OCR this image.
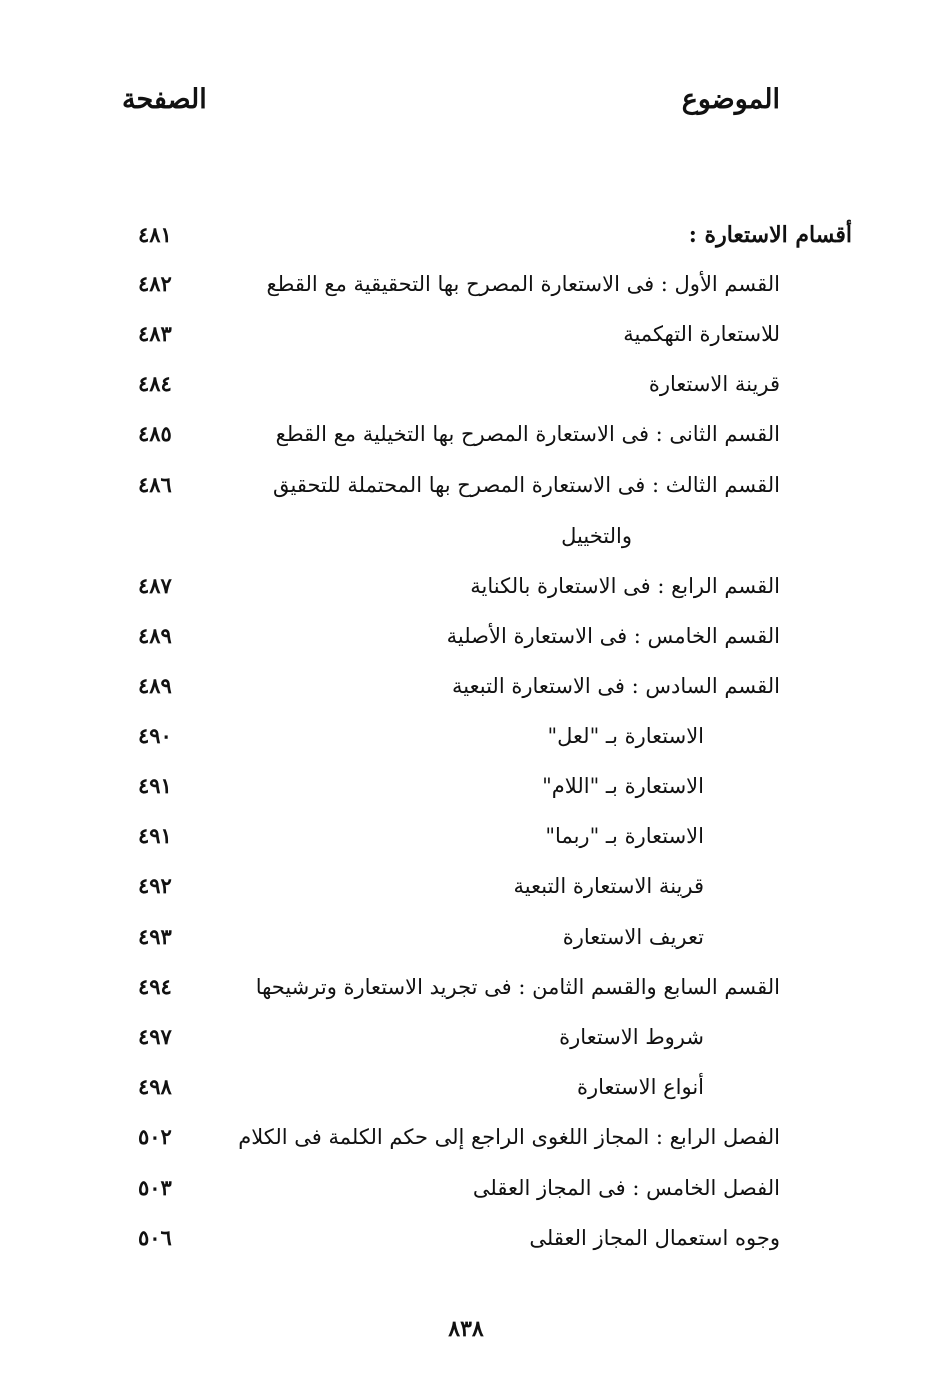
الموضوع
الصفحة
أقسام الاستعارة :
٤٨١
القسم الأول : فى الاستعارة المصرح بها التحقيقية مع القطع
٤٨٢
للاستعارة التهكمية
٤٨٣
قرينة الاستعارة
٤٨٤
القسم الثانى : فى الاستعارة المصرح بها التخيلية مع القطع
٤٨٥
القسم الثالث : فى الاستعارة المصرح بها المحتملة للتحقيق
٤٨٦
والتخييل
القسم الرابع : فى الاستعارة بالكناية
٤٨٧
القسم الخامس : فى الاستعارة الأصلية
٤٨٩
القسم السادس : فى الاستعارة التبعية
٤٨٩
الاستعارة بـ "لعل"
٤٩٠
الاستعارة بـ "اللام"
٤٩١
الاستعارة بـ "ربما"
٤٩١
قرينة الاستعارة التبعية
٤٩٢
تعريف الاستعارة
٤٩٣
القسم السابع والقسم الثامن : فى تجريد الاستعارة وترشيحها
٤٩٤
شروط الاستعارة
٤٩٧
أنواع الاستعارة
٤٩٨
الفصل الرابع : المجاز اللغوى الراجع إلى حكم الكلمة فى الكلام
٥٠٢
الفصل الخامس : فى المجاز العقلى
٥٠٣
وجوه استعمال المجاز العقلى
٥٠٦
٨٣٨
